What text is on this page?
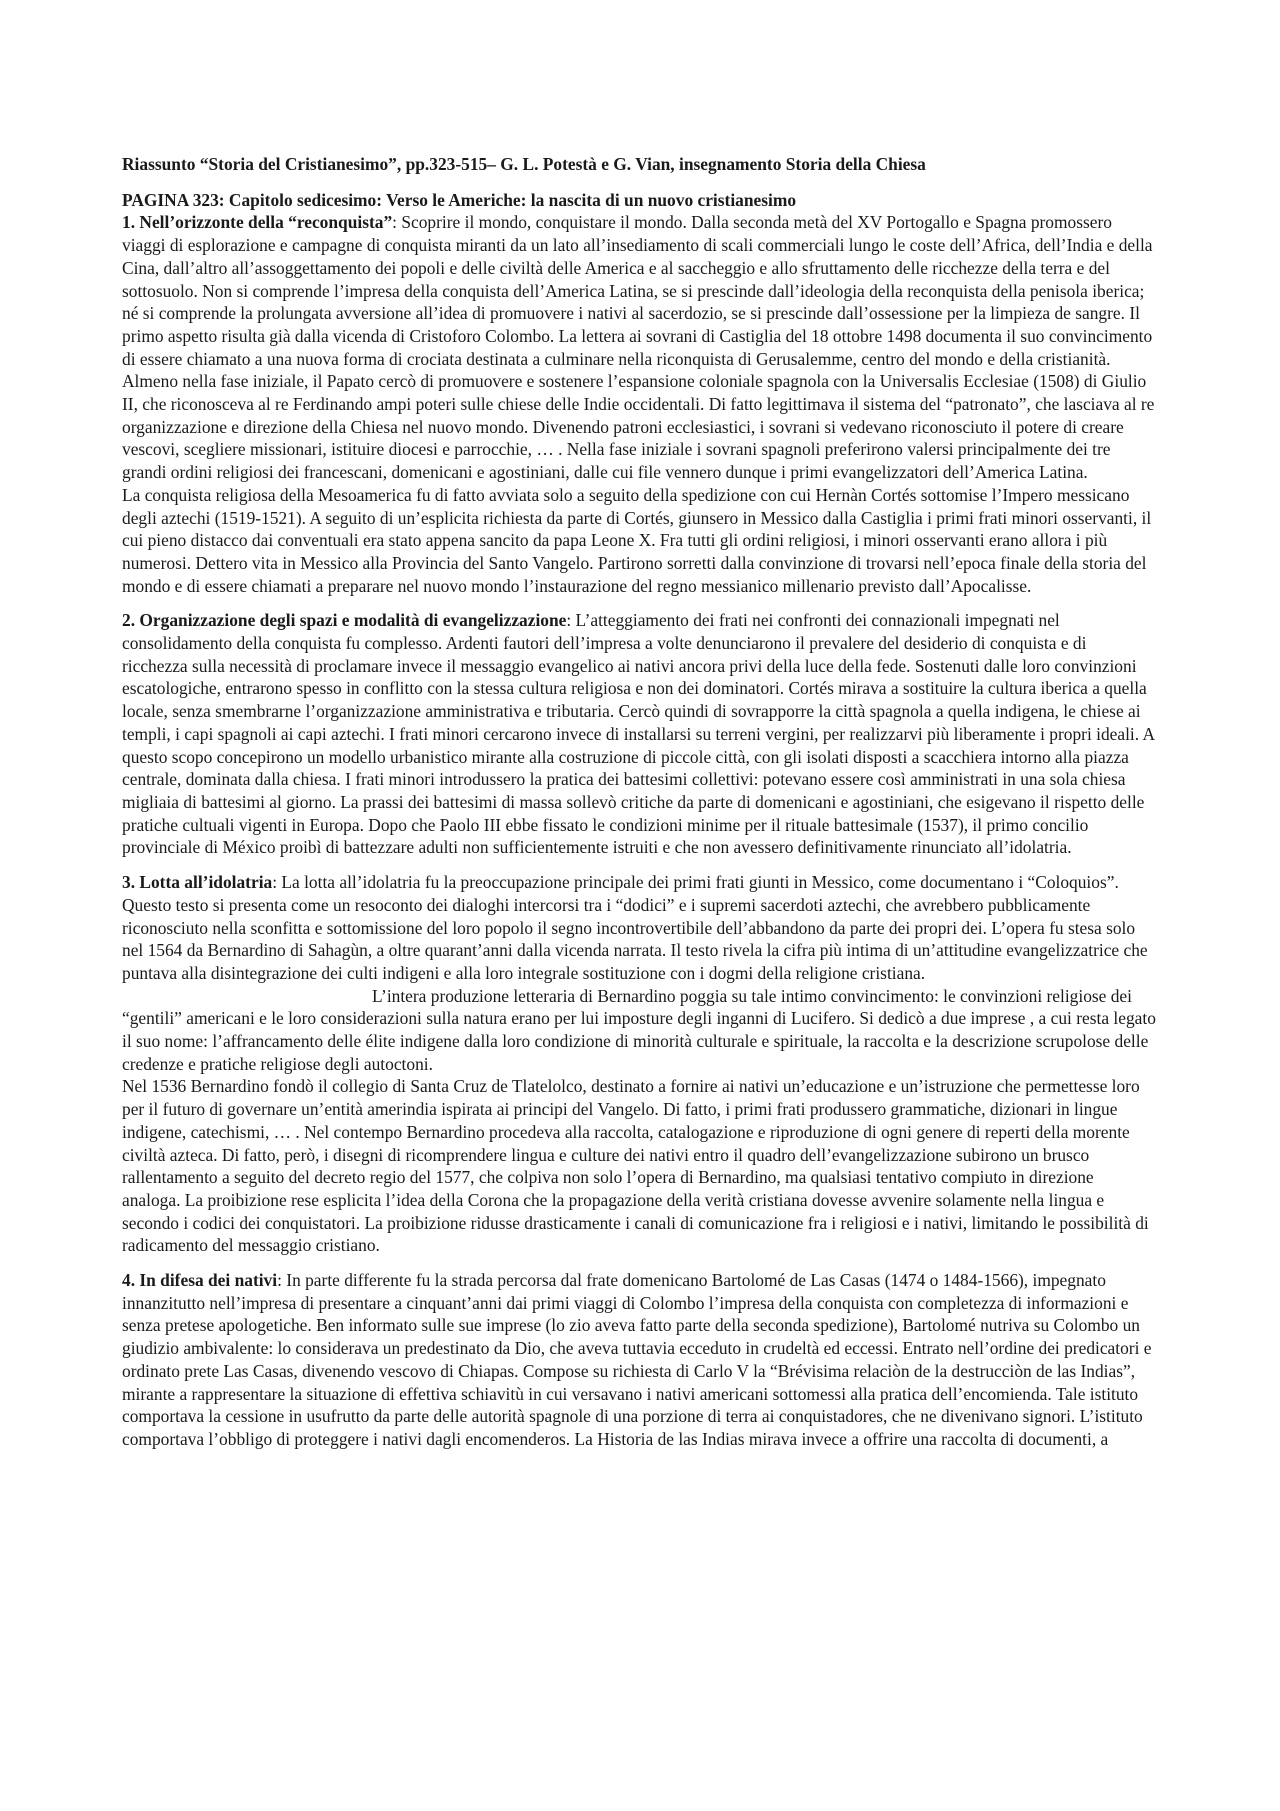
Riassunto “Storia del Cristianesimo”, pp.323-515– G. L. Potestà e G. Vian, insegnamento Storia della Chiesa

PAGINA 323: Capitolo sedicesimo: Verso le Americhe: la nascita di un nuovo cristianesimo

1. Nell’orizzonte della “reconquista”: Scoprire il mondo, conquistare il mondo. Dalla seconda metà del XV Portogallo e Spagna promossero viaggi di esplorazione e campagne di conquista miranti da un lato all’insediamento di scali commerciali lungo le coste dell’Africa, dell’India e della Cina, dall’altro all’assoggettamento dei popoli e delle civiltà delle America e al saccheggio e allo sfruttamento delle ricchezze della terra e del sottosuolo. Non si comprende l’impresa della conquista dell’America Latina, se si prescinde dall’ideologia della reconquista della penisola iberica; né si comprende la prolungata avversione all’idea di promuovere i nativi al sacerdozio, se si prescinde dall’ossessione per la limpieza de sangre. Il primo aspetto risulta già dalla vicenda di Cristoforo Colombo. La lettera ai sovrani di Castiglia del 18 ottobre 1498 documenta il suo convincimento di essere chiamato a una nuova forma di crociata destinata a culminare nella riconquista di Gerusalemme, centro del mondo e della cristianità.

Almeno nella fase iniziale, il Papato cercò di promuovere e sostenere l’espansione coloniale spagnola con la Universalis Ecclesiae (1508) di Giulio II, che riconosceva al re Ferdinando ampi poteri sulle chiese delle Indie occidentali. Di fatto legittimava il sistema del “patronato”, che lasciava al re organizzazione e direzione della Chiesa nel nuovo mondo. Divenendo patroni ecclesiastici, i sovrani si vedevano riconosciuto il potere di creare vescovi, scegliere missionari, istituire diocesi e parrocchie, … . Nella fase iniziale i sovrani spagnoli preferirono valersi principalmente dei tre grandi ordini religiosi dei francescani, domenicani e agostiniani, dalle cui file vennero dunque i primi evangelizzatori dell’America Latina.

La conquista religiosa della Mesoamerica fu di fatto avviata solo a seguito della spedizione con cui Hernàn Cortés sottomise l’Impero messicano degli aztechi (1519-1521). A seguito di un’esplicita richiesta da parte di Cortés, giunsero in Messico dalla Castiglia i primi frati minori osservanti, il cui pieno distacco dai conventuali era stato appena sancito da papa Leone X. Fra tutti gli ordini religiosi, i minori osservanti erano allora i più numerosi. Dettero vita in Messico alla Provincia del Santo Vangelo. Partirono sorretti dalla convinzione di trovarsi nell’epoca finale della storia del mondo e di essere chiamati a preparare nel nuovo mondo l’instaurazione del regno messianico millenario previsto dall’Apocalisse.

2. Organizzazione degli spazi e modalità di evangelizzazione: L’atteggiamento dei frati nei confronti dei connazionali impegnati nel consolidamento della conquista fu complesso. Ardenti fautori dell’impresa a volte denunciarono il prevalere del desiderio di conquista e di ricchezza sulla necessità di proclamare invece il messaggio evangelico ai nativi ancora privi della luce della fede. Sostenuti dalle loro convinzioni escatologiche, entrarono spesso in conflitto con la stessa cultura religiosa e non dei dominatori. Cortés mirava a sostituire la cultura iberica a quella locale, senza smembrarne l’organizzazione amministrativa e tributaria. Cercò quindi di sovrapporre la città spagnola a quella indigena, le chiese ai templi, i capi spagnoli ai capi aztechi. I frati minori cercarono invece di installarsi su terreni vergini, per realizzarvi più liberamente i propri ideali. A questo scopo concepirono un modello urbanistico mirante alla costruzione di piccole città, con gli isolati disposti a scacchiera intorno alla piazza centrale, dominata dalla chiesa. I frati minori introdussero la pratica dei battesimi collettivi: potevano essere così amministrati in una sola chiesa migliaia di battesimi al giorno. La prassi dei battesimi di massa sollevò critiche da parte di domenicani e agostiniani, che esigevano il rispetto delle pratiche cultuali vigenti in Europa. Dopo che Paolo III ebbe fissato le condizioni minime per il rituale battesimale (1537), il primo concilio provinciale di México proibì di battezzare adulti non sufficientemente istruiti e che non avessero definitivamente rinunciato all’idolatria.

3. Lotta all’idolatria: La lotta all’idolatria fu la preoccupazione principale dei primi frati giunti in Messico, come documentano i “Coloquios”. Questo testo si presenta come un resoconto dei dialoghi intercorsi tra i “dodici” e i supremi sacerdoti aztechi, che avrebbero pubblicamente riconosciuto nella sconfitta e sottomissione del loro popolo il segno incontrovertibile dell’abbandono da parte dei propri dei. L’opera fu stesa solo nel 1564 da Bernardino di Sahagùn, a oltre quarant’anni dalla vicenda narrata. Il testo rivela la cifra più intima di un’attitudine evangelizzatrice che puntava alla disintegrazione dei culti indigeni e alla loro integrale sostituzione con i dogmi della religione cristiana.L’intera produzione letteraria di Bernardino poggia su tale intimo convincimento: le convinzioni religiose dei “gentili” americani e le loro considerazioni sulla natura erano per lui imposture degli inganni di Lucifero. Si dedicò a due imprese , a cui resta legato il suo nome: l’affrancamento delle élite indigene dalla loro condizione di minorità culturale e spirituale, la raccolta e la descrizione scrupolose delle credenze e pratiche religiose degli autoctoni.Nel 1536 Bernardino fondò il collegio di Santa Cruz de Tlatelolco, destinato a fornire ai nativi un’educazione e un’istruzione che permettesse loro per il futuro di governare un’entità amerindia ispirata ai principi del Vangelo. Di fatto, i primi frati produssero grammatiche, dizionari in lingue indigene, catechismi, … . Nel contempo Bernardino procedeva alla raccolta, catalogazione e riproduzione di ogni genere di reperti della morente civiltà azteca. Di fatto, però, i disegni di ricomprendere lingua e culture dei nativi entro il quadro dell’evangelizzazione subirono un brusco rallentamento a seguito del decreto regio del 1577, che colpiva non solo l’opera di Bernardino, ma qualsiasi tentativo compiuto in direzione analoga. La proibizione rese esplicita l’idea della Corona che la propagazione della verità cristiana dovesse avvenire solamente nella lingua e secondo i codici dei conquistatori. La proibizione ridusse drasticamente i canali di comunicazione fra i religiosi e i nativi, limitando le possibilità di radicamento del messaggio cristiano.

4. In difesa dei nativi: In parte differente fu la strada percorsa dal frate domenicano Bartolomé de Las Casas (1474 o 1484-1566), impegnato innanzitutto nell’impresa di presentare a cinquant’anni dai primi viaggi di Colombo l’impresa della conquista con completezza di informazioni e senza pretese apologetiche. Ben informato sulle sue imprese (lo zio aveva fatto parte della seconda spedizione), Bartolomé nutriva su Colombo un giudizio ambivalente: lo considerava un predestinato da Dio, che aveva tuttavia ecceduto in crudeltà ed eccessi. Entrato nell’ordine dei predicatori e ordinato prete Las Casas, divenendo vescovo di Chiapas. Compose su richiesta di Carlo V la “Brévisima relaciòn de la destrucciòn de las Indias”, mirante a rappresentare la situazione di effettiva schiavitù in cui versavano i nativi americani sottomessi alla pratica dell’encomienda. Tale istituto comportava la cessione in usufrutto da parte delle autorità spagnole di una porzione di terra ai conquistadores, che ne divenivano signori. L’istituto comportava l’obbligo di proteggere i nativi dagli encomenderos. La Historia de las Indias mirava invece a offrire una raccolta di documenti, a
